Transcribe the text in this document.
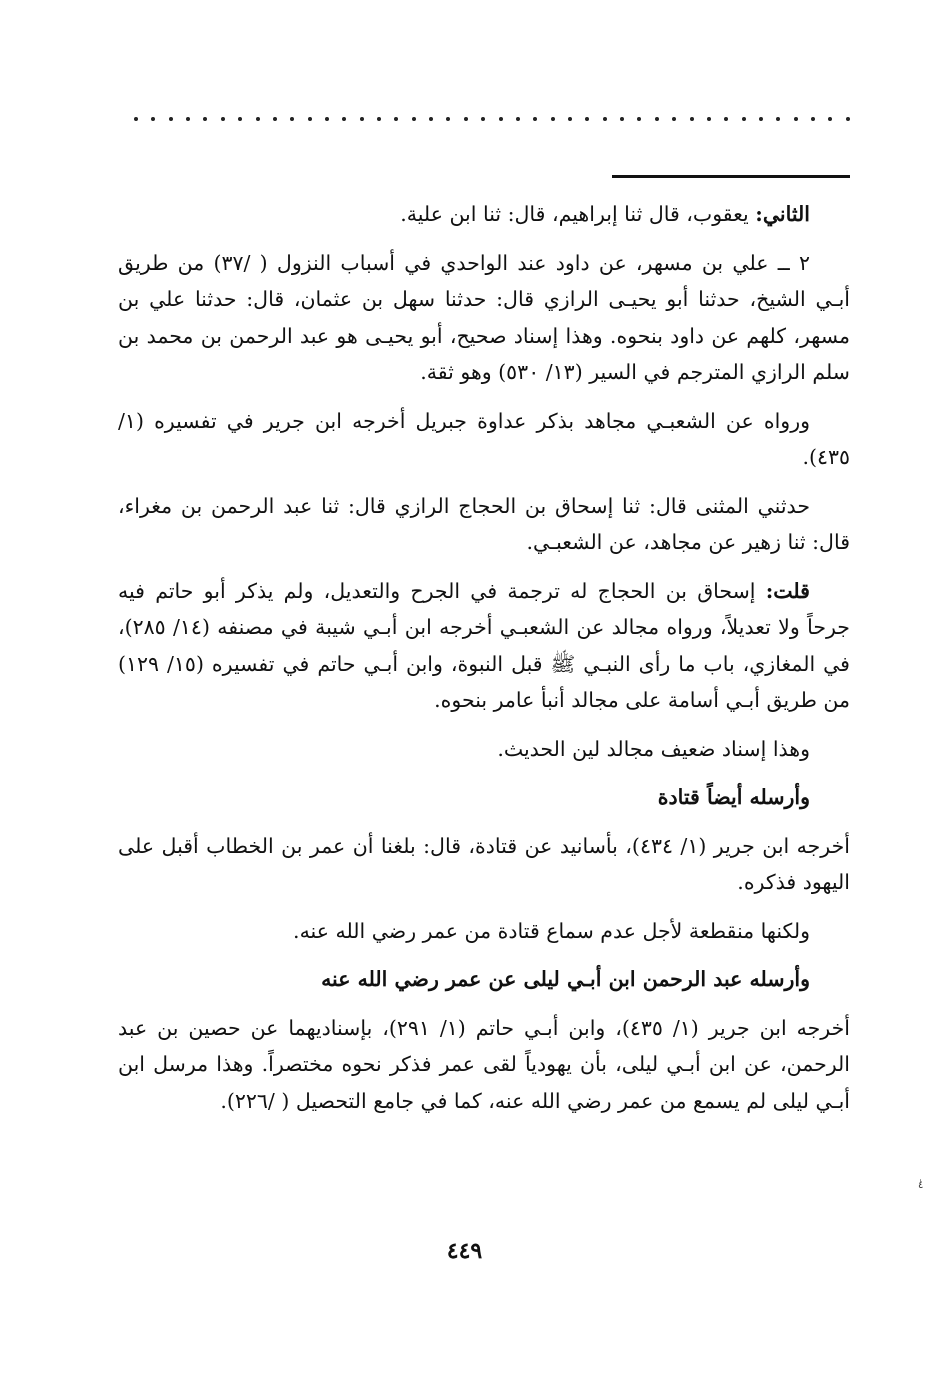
الثاني: يعقوب، قال ثنا إبراهيم، قال: ثنا ابن علية.

٢ ــ علي بن مسهر، عن داود عند الواحدي في أسباب النزول ( /٣٧) من طريق أبـي الشيخ، حدثنا أبو يحيـى الرازي قال: حدثنا سهل بن عثمان، قال: حدثنا علي بن مسهر، كلهم عن داود بنحوه. وهذا إسناد صحيح، أبو يحيـى هو عبد الرحمن بن محمد بن سلم الرازي المترجم في السير (١٣/ ٥٣٠) وهو ثقة.

ورواه عن الشعبـي مجاهد بذكر عداوة جبريل أخرجه ابن جرير في تفسيره (١/ ٤٣٥).

حدثني المثنى قال: ثنا إسحاق بن الحجاج الرازي قال: ثنا عبد الرحمن بن مغراء، قال: ثنا زهير عن مجاهد، عن الشعبـي.

قلت: إسحاق بن الحجاج له ترجمة في الجرح والتعديل، ولم يذكر أبو حاتم فيه جرحاً ولا تعديلاً، ورواه مجالد عن الشعبـي أخرجه ابن أبـي شيبة في مصنفه (١٤/ ٢٨٥)، في المغازي، باب ما رأى النبـي ﷺ قبل النبوة، وابن أبـي حاتم في تفسيره (١٥/ ١٢٩) من طريق أبـي أسامة على مجالد أنبأ عامر بنحوه.

وهذا إسناد ضعيف مجالد لين الحديث.

وأرسله أيضاً قتادة

أخرجه ابن جرير (١/ ٤٣٤)، بأسانيد عن قتادة، قال: بلغنا أن عمر بن الخطاب أقبل على اليهود فذكره.

ولكنها منقطعة لأجل عدم سماع قتادة من عمر رضي الله عنه.

وأرسله عبد الرحمن ابن أبـي ليلى عن عمر رضي الله عنه

أخرجه ابن جرير (١/ ٤٣٥)، وابن أبـي حاتم (١/ ٢٩١)، بإسناديهما عن حصين بن عبد الرحمن، عن ابن أبـي ليلى، بأن يهودياً لقى عمر فذكر نحوه مختصراً. وهذا مرسل ابن أبـي ليلى لم يسمع من عمر رضي الله عنه، كما في جامع التحصيل ( /٢٢٦).

٤٤٩
ٰ٤
